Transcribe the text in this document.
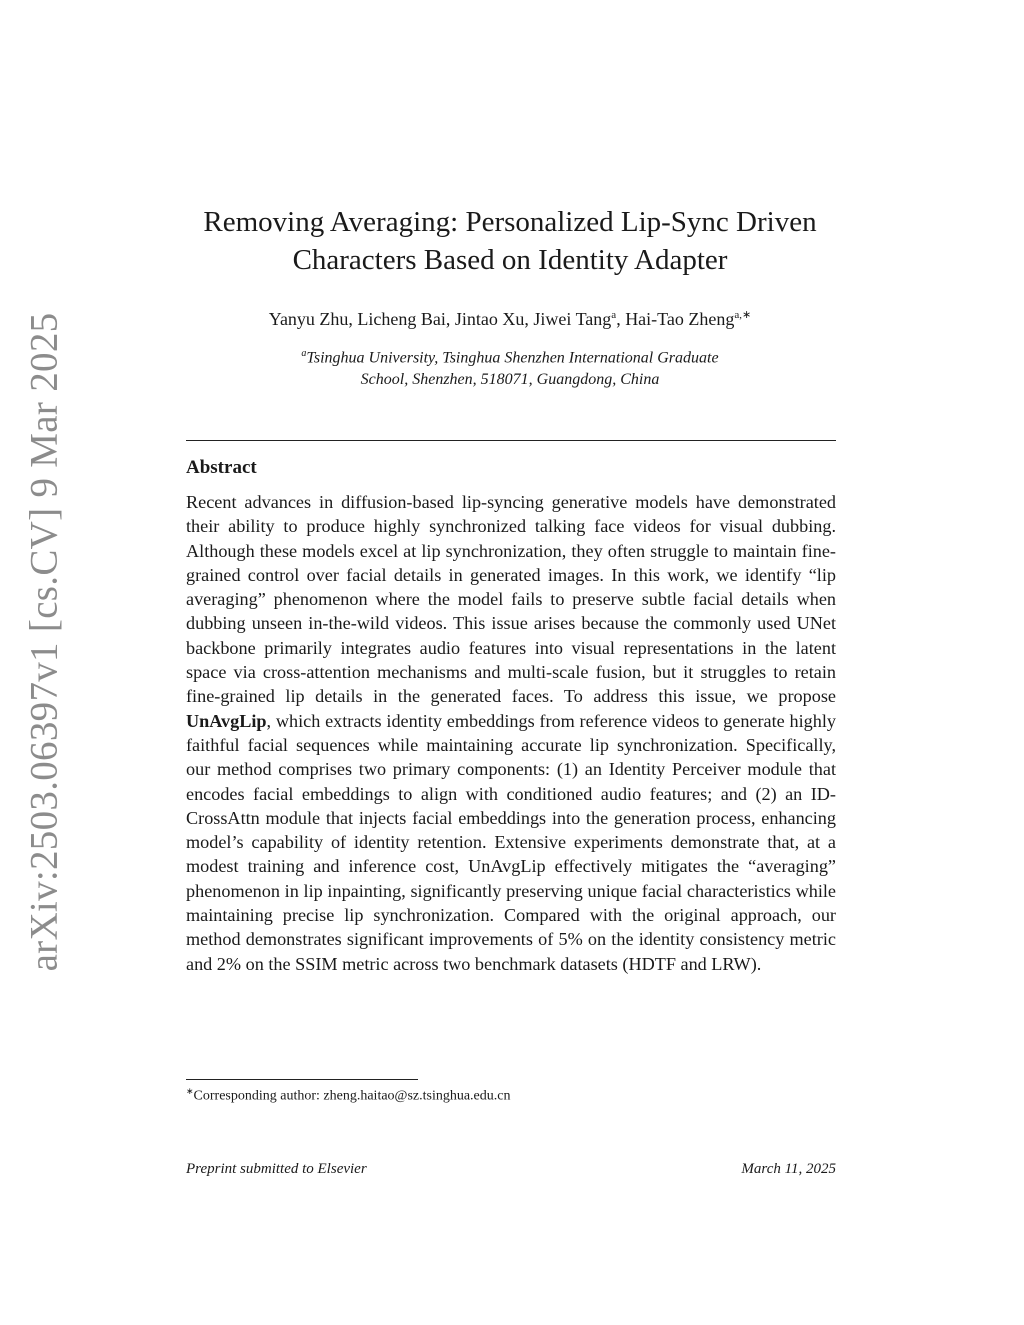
arXiv:2503.06397v1 [cs.CV] 9 Mar 2025
Removing Averaging: Personalized Lip-Sync Driven
Characters Based on Identity Adapter
Yanyu Zhu, Licheng Bai, Jintao Xu, Jiwei Tang$^a$, Hai-Tao Zheng$^{a,∗}$
$^a$Tsinghua University, Tsinghua Shenzhen International Graduate
School, Shenzhen, 518071, Guangdong, China
Abstract
Recent advances in diffusion-based lip-syncing generative models have demonstrated their ability to produce highly synchronized talking face videos for visual dubbing. Although these models excel at lip synchronization, they often struggle to maintain fine-grained control over facial details in generated images. In this work, we identify “lip averaging” phenomenon where the model fails to preserve subtle facial details when dubbing unseen in-the-wild videos. This issue arises because the commonly used UNet backbone primarily integrates audio features into visual representations in the latent space via cross-attention mechanisms and multi-scale fusion, but it struggles to retain fine-grained lip details in the generated faces. To address this issue, we propose UnAvgLip, which extracts identity embeddings from reference videos to generate highly faithful facial sequences while maintaining accurate lip synchronization. Specifically, our method comprises two primary components: (1) an Identity Perceiver module that encodes facial embeddings to align with conditioned audio features; and (2) an ID-CrossAttn module that injects facial embeddings into the generation process, enhancing model’s capability of identity retention. Extensive experiments demonstrate that, at a modest training and inference cost, UnAvgLip effectively mitigates the “averaging” phenomenon in lip inpainting, significantly preserving unique facial characteristics while maintaining precise lip synchronization. Compared with the original approach, our method demonstrates significant improvements of 5% on the identity consistency metric and 2% on the SSIM metric across two benchmark datasets (HDTF and LRW).
∗Corresponding author: zheng.haitao@sz.tsinghua.edu.cn
Preprint submitted to Elsevier	March 11, 2025
